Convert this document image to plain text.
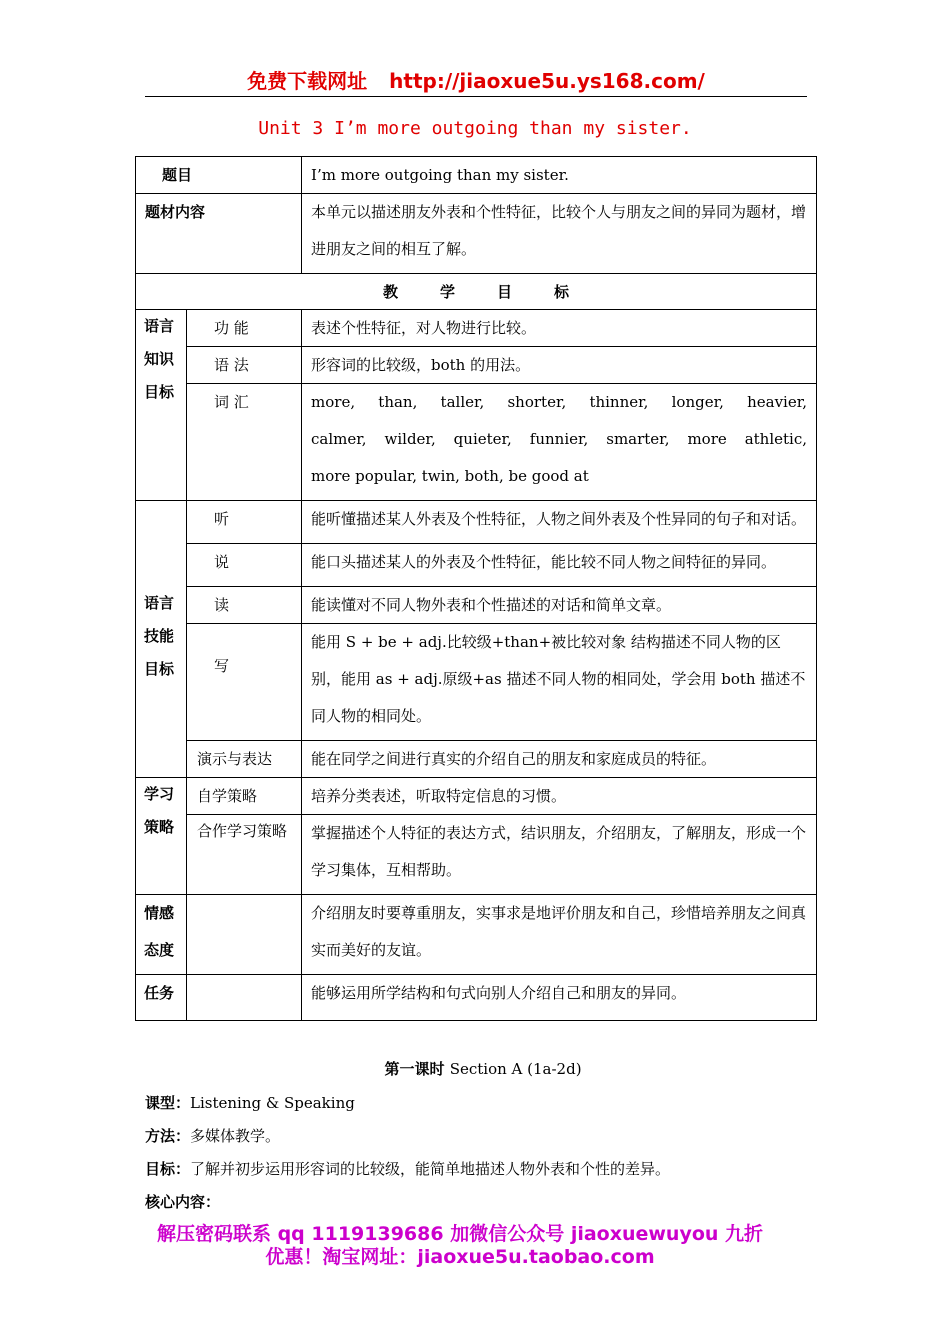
免费下载网址 http://jiaoxue5u.ys168.com/
Unit 3 I’m more outgoing than my sister.
题目		I’m more outgoing than my sister.
题材内容		本单元以描述朋友外表和个性特征，比较个人与朋友之间的异同为题材，增进朋友之间的相互了解。
教学目标		
语言知识目标	功 能	表述个性特征，对人物进行比较。
	语 法	形容词的比较级，both 的用法。
	词 汇	more, than, taller, shorter, thinner, longer, heavier,
calmer, wilder, quieter, funnier, smarter, more athletic,
more popular, twin, both, be good at

语言技能目标	听	能听懂描述某人外表及个性特征，人物之间外表及个性异同的句子和对话。
	说	能口头描述某人的外表及个性特征，能比较不同人物之间特征的异同。
	读	能读懂对不同人物外表和个性描述的对话和简单文章。
	写	能用 S + be + adj.比较级+than+被比较对象 结构描述不同人物的区别，能用 as + adj.原级+as 描述不同人物的相同处，学会用 both 描述不同人物的相同处。
	演示与表达	能在同学之间进行真实的介绍自己的朋友和家庭成员的特征。
学习策略	自学策略	培养分类表述，听取特定信息的习惯。
	合作学习策略	掌握描述个人特征的表达方式，结识朋友，介绍朋友，了解朋友，形成一个学习集体，互相帮助。
情感态度		介绍朋友时要尊重朋友，实事求是地评价朋友和自己，珍惜培养朋友之间真实而美好的友谊。
任务		能够运用所学结构和句式向别人介绍自己和朋友的异同。
第一课时 Section A (1a-2d)
课型：Listening & Speaking
方法：多媒体教学。
目标：了解并初步运用形容词的比较级，能简单地描述人物外表和个性的差异。
核心内容：
解压密码联系 qq 1119139686 加微信公众号 jiaoxuewuyou 九折
优惠！淘宝网址：jiaoxue5u.taobao.com
